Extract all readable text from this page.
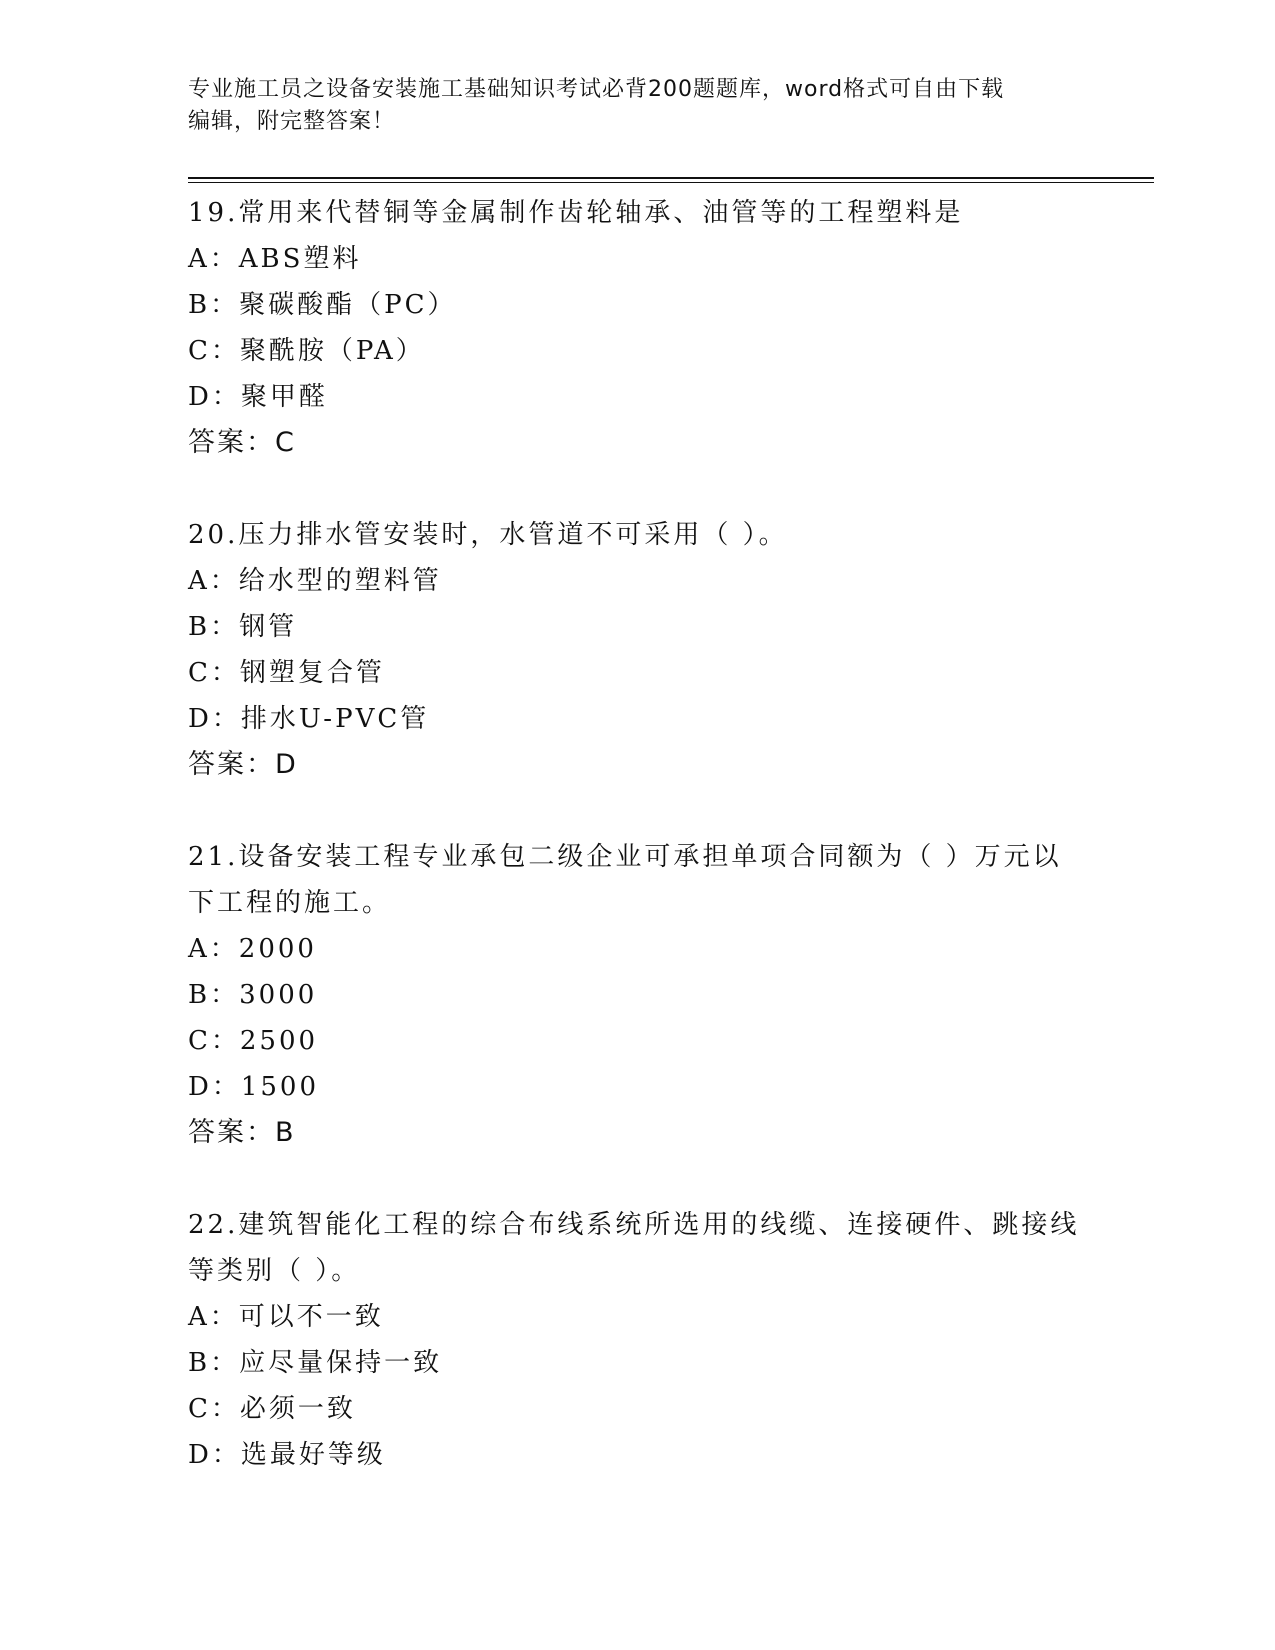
专业施工员之设备安装施工基础知识考试必背200题题库，word格式可自由下载
编辑，附完整答案！
19.常用来代替铜等金属制作齿轮轴承、油管等的工程塑料是
A：ABS塑料
B：聚碳酸酯（PC）
C：聚酰胺（PA）
D：聚甲醛
答案：C
20.压力排水管安装时，水管道不可采用（ ）。
A：给水型的塑料管
B：钢管
C：钢塑复合管
D：排水U-PVC管
答案：D
21.设备安装工程专业承包二级企业可承担单项合同额为（ ）万元以下工程的施工。
A：2000
B：3000
C：2500
D：1500
答案：B
22.建筑智能化工程的综合布线系统所选用的线缆、连接硬件、跳接线等类别（ ）。
A：可以不一致
B：应尽量保持一致
C：必须一致
D：选最好等级
